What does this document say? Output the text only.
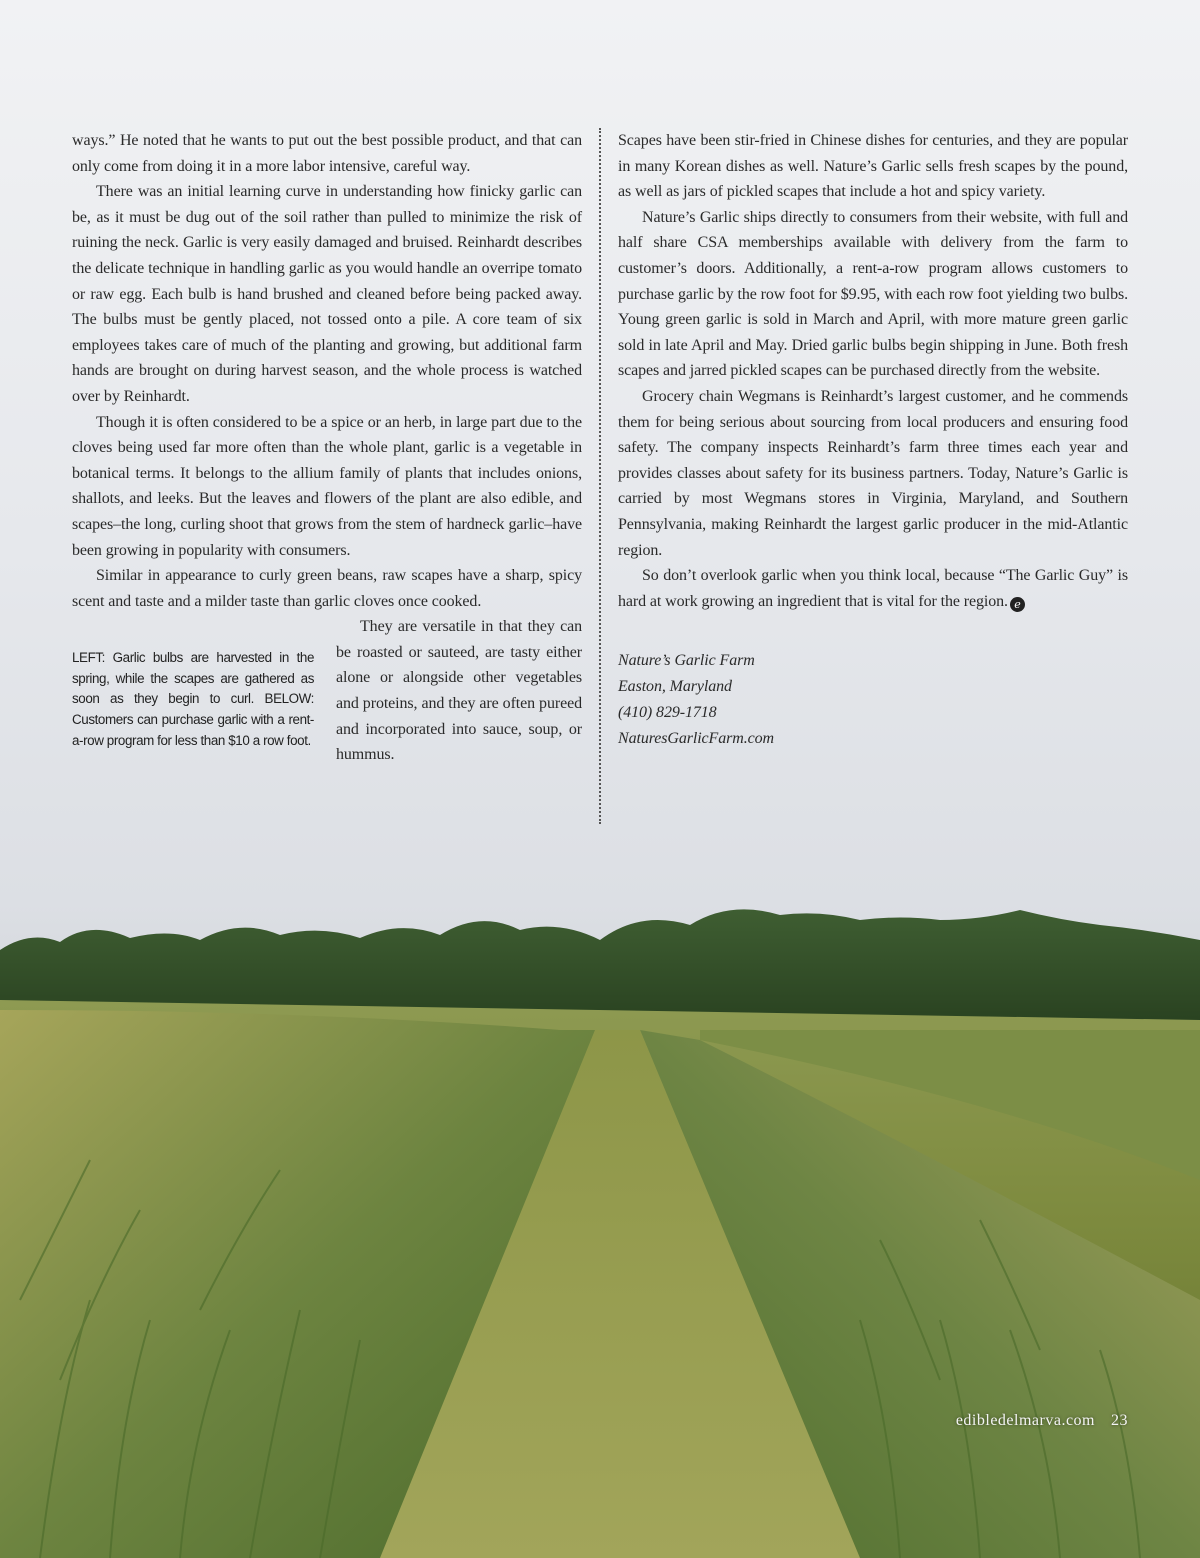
ways.” He noted that he wants to put out the best possible product, and that can only come from doing it in a more labor intensive, careful way.

There was an initial learning curve in understanding how finicky garlic can be, as it must be dug out of the soil rather than pulled to minimize the risk of ruining the neck. Garlic is very easily damaged and bruised. Reinhardt describes the delicate technique in handling garlic as you would handle an overripe tomato or raw egg. Each bulb is hand brushed and cleaned before being packed away. The bulbs must be gently placed, not tossed onto a pile. A core team of six employees takes care of much of the planting and growing, but additional farm hands are brought on during harvest season, and the whole process is watched over by Reinhardt.

Though it is often considered to be a spice or an herb, in large part due to the cloves being used far more often than the whole plant, garlic is a vegetable in botanical terms. It belongs to the allium family of plants that includes onions, shallots, and leeks. But the leaves and flowers of the plant are also edible, and scapes–the long, curling shoot that grows from the stem of hardneck garlic–have been growing in popularity with consumers.

Similar in appearance to curly green beans, raw scapes have a sharp, spicy scent and taste and a milder taste than garlic cloves once cooked.

LEFT: Garlic bulbs are harvested in the spring, while the scapes are gathered as soon as they begin to curl. BELOW: Customers can purchase garlic with a rent-a-row program for less than $10 a row foot.

They are versatile in that they can be roasted or sauteed, are tasty either alone or alongside other vegetables and proteins, and they are often pureed and incorporated into sauce, soup, or hummus.

Scapes have been stir-fried in Chinese dishes for centuries, and they are popular in many Korean dishes as well. Nature’s Garlic sells fresh scapes by the pound, as well as jars of pickled scapes that include a hot and spicy variety.

Nature’s Garlic ships directly to consumers from their website, with full and half share CSA memberships available with delivery from the farm to customer’s doors. Additionally, a rent-a-row program allows customers to purchase garlic by the row foot for $9.95, with each row foot yielding two bulbs. Young green garlic is sold in March and April, with more mature green garlic sold in late April and May. Dried garlic bulbs begin shipping in June. Both fresh scapes and jarred pickled scapes can be purchased directly from the website.

Grocery chain Wegmans is Reinhardt’s largest customer, and he commends them for being serious about sourcing from local producers and ensuring food safety. The company inspects Reinhardt’s farm three times each year and provides classes about safety for its business partners. Today, Nature’s Garlic is carried by most Wegmans stores in Virginia, Maryland, and Southern Pennsylvania, making Reinhardt the largest garlic producer in the mid-Atlantic region.

So don’t overlook garlic when you think local, because “The Garlic Guy” is hard at work growing an ingredient that is vital for the region. e

Nature’s Garlic Farm
Easton, Maryland
(410) 829-1718
NaturesGarlicFarm.com
edibledelmarva.com 23
